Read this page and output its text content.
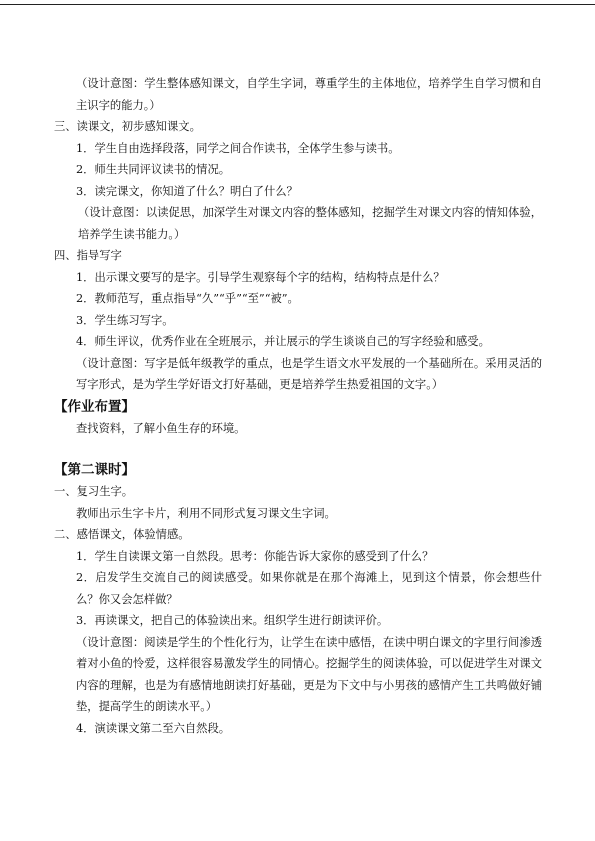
（设计意图：学生整体感知课文，自学生字词，尊重学生的主体地位，培养学生自学习惯和自主识字的能力。）
三、读课文，初步感知课文。
1．学生自由选择段落，同学之间合作读书，全体学生参与读书。
2．师生共同评议读书的情况。
3．读完课文，你知道了什么？明白了什么？
（设计意图：以读促思，加深学生对课文内容的整体感知，挖掘学生对课文内容的情知体验，培养学生读书能力。）
四、指导写字
1．出示课文要写的是字。引导学生观察每个字的结构，结构特点是什么？
2．教师范写，重点指导“久”“乎”“至”“被”。
3．学生练习写字。
4．师生评议，优秀作业在全班展示，并让展示的学生谈谈自己的写字经验和感受。
（设计意图：写字是低年级教学的重点，也是学生语文水平发展的一个基础所在。采用灵活的写字形式，是为学生学好语文打好基础，更是培养学生热爱祖国的文字。）
【作业布置】
查找资料，了解小鱼生存的环境。
【第二课时】
一、复习生字。
教师出示生字卡片，利用不同形式复习课文生字词。
二、感悟课文，体验情感。
1．学生自读课文第一自然段。思考：你能告诉大家你的感受到了什么？
2．启发学生交流自己的阅读感受。如果你就是在那个海滩上，见到这个情景，你会想些什么？你又会怎样做？
3．再读课文，把自己的体验读出来。组织学生进行朗读评价。
（设计意图：阅读是学生的个性化行为，让学生在读中感悟，在读中明白课文的字里行间渗透着对小鱼的怜爱，这样很容易激发学生的同情心。挖掘学生的阅读体验，可以促进学生对课文内容的理解，也是为有感情地朗读打好基础，更是为下文中与小男孩的感情产生工共鸣做好铺垫，提高学生的朗读水平。）
4．演读课文第二至六自然段。
